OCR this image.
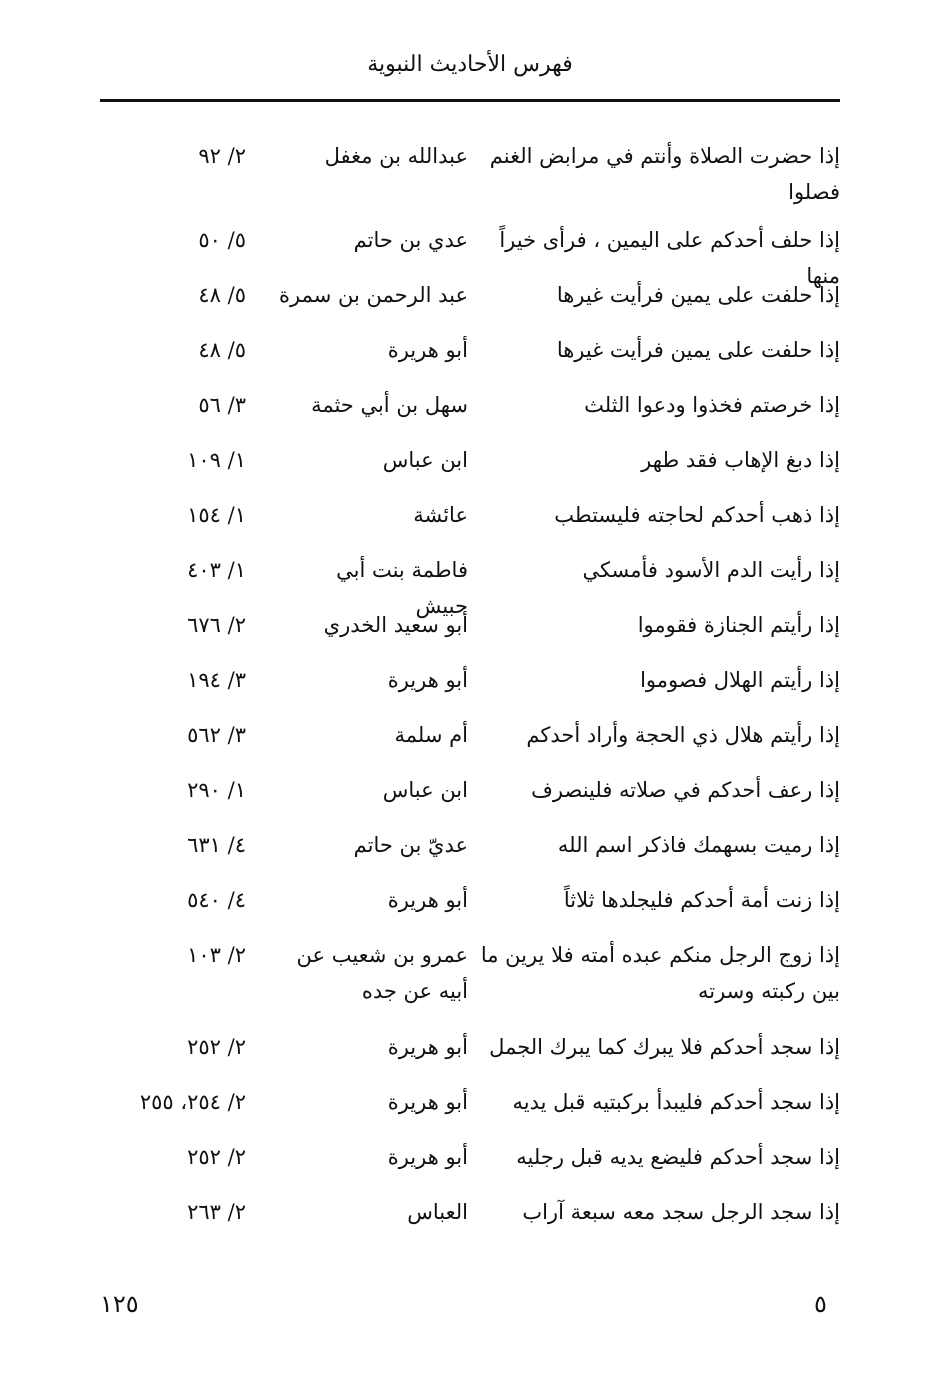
فهرس الأحاديث النبوية
إذا حضرت الصلاة وأنتم في مرابض الغنم فصلوا
عبدالله بن مغفل
٢/ ٩٢
إذا حلف أحدكم على اليمين ، فرأى خيراً منها
عدي بن حاتم
٥/ ٥٠
إذا حلفت على يمين فرأيت غيرها
عبد الرحمن بن سمرة
٥/ ٤٨
إذا حلفت على يمين فرأيت غيرها
أبو هريرة
٥/ ٤٨
إذا خرصتم فخذوا ودعوا الثلث
سهل بن أبي حثمة
٣/ ٥٦
إذا دبغ الإهاب فقد طهر
ابن عباس
١/ ١٠٩
إذا ذهب أحدكم لحاجته فليستطب
عائشة
١/ ١٥٤
إذا رأيت الدم الأسود فأمسكي
فاطمة بنت أبي حبيش
١/ ٤٠٣
إذا رأيتم الجنازة فقوموا
أبو سعيد الخدري
٢/ ٦٧٦
إذا رأيتم الهلال فصوموا
أبو هريرة
٣/ ١٩٤
إذا رأيتم هلال ذي الحجة وأراد أحدكم
أم سلمة
٣/ ٥٦٢
إذا رعف أحدكم في صلاته فلينصرف
ابن عباس
١/ ٢٩٠
إذا رميت بسهمك فاذكر اسم الله
عديّ بن حاتم
٤/ ٦٣١
إذا زنت أمة أحدكم فليجلدها ثلاثاً
أبو هريرة
٤/ ٥٤٠
إذا زوج الرجل منكم عبده أمته فلا يرين ما بين ركبته وسرته
عمرو بن شعيب عن أبيه عن جده
٢/ ١٠٣
إذا سجد أحدكم فلا يبرك كما يبرك الجمل
أبو هريرة
٢/ ٢٥٢
إذا سجد أحدكم فليبدأ بركبتيه قبل يديه
أبو هريرة
٢/ ٢٥٤، ٢٥٥
إذا سجد أحدكم فليضع يديه قبل رجليه
أبو هريرة
٢/ ٢٥٢
إذا سجد الرجل سجد معه سبعة آراب
العباس
٢/ ٢٦٣
١٢٥	٥
